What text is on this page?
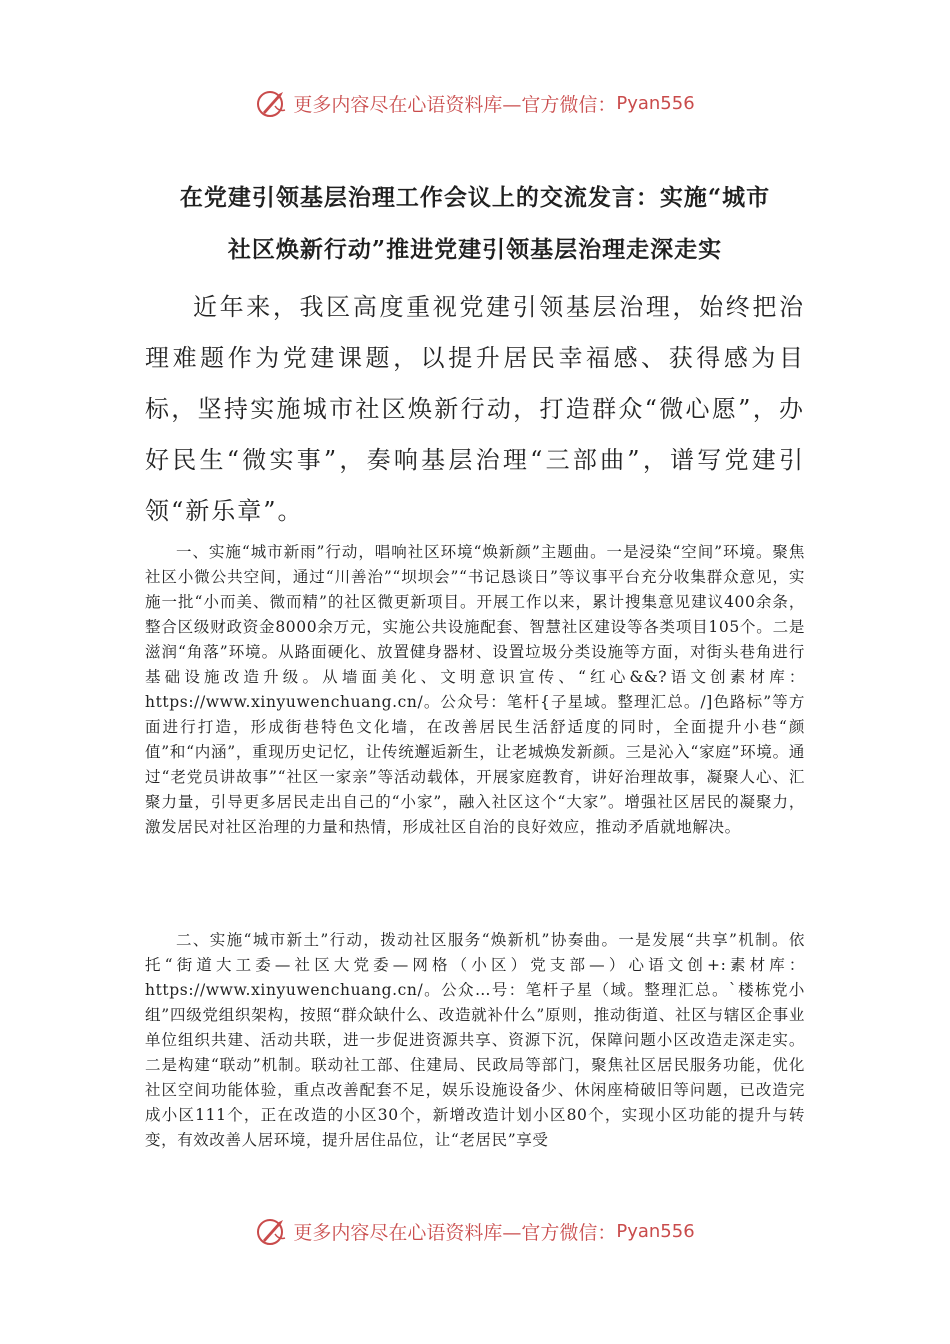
更多内容尽在心语资料库—官方微信： Pyan556
在党建引领基层治理工作会议上的交流发言：实施“城市
社区焕新行动”推进党建引领基层治理走深走实

近年来，我区高度重视党建引领基层治理，始终把治理难题作为党建课题，以提升居民幸福感、获得感为目标，坚持实施城市社区焕新行动，打造群众“微心愿”，办好民生“微实事”，奏响基层治理“三部曲”，谱写党建引领“新乐章”。

一、实施“城市新雨”行动，唱响社区环境“焕新颜”主题曲。一是浸染“空间”环境。聚焦社区小微公共空间，通过“川善治”“坝坝会”“书记恳谈日”等议事平台充分收集群众意见，实施一批“小而美、微而精”的社区微更新项目。开展工作以来，累计搜集意见建议400余条，整合区级财政资金8000余万元，实施公共设施配套、智慧社区建设等各类项目105个。二是滋润“角落”环境。从路面硬化、放置健身器材、设置垃圾分类设施等方面，对街头巷角进行基础设施改造升级。从墙面美化、文明意识宣传、“红心&&?语文创素材库：https://www.xinyuwenchuang.cn/。公众号：笔杆{子星域。整理汇总。/]色路标”等方面进行打造，形成街巷特色文化墙，在改善居民生活舒适度的同时，全面提升小巷“颜值”和“内涵”，重现历史记忆，让传统邂逅新生，让老城焕发新颜。三是沁入“家庭”环境。通过“老党员讲故事”“社区一家亲”等活动载体，开展家庭教育，讲好治理故事，凝聚人心、汇聚力量，引导更多居民走出自己的“小家”，融入社区这个“大家”。增强社区居民的凝聚力，激发居民对社区治理的力量和热情，形成社区自治的良好效应，推动矛盾就地解决。

二、实施“城市新土”行动，拨动社区服务“焕新机”协奏曲。一是发展“共享”机制。依托“街道大工委—社区大党委—网格（小区）党支部—）心语文创+:素材库：https://www.xinyuwenchuang.cn/。公众…号：笔杆子星（域。整理汇总。`楼栋党小组”四级党组织架构，按照“群众缺什么、改造就补什么”原则，推动街道、社区与辖区企事业单位组织共建、活动共联，进一步促进资源共享、资源下沉，保障问题小区改造走深走实。二是构建“联动”机制。联动社工部、住建局、民政局等部门，聚焦社区居民服务功能，优化社区空间功能体验，重点改善配套不足，娱乐设施设备少、休闲座椅破旧等问题，已改造完成小区111个，正在改造的小区30个，新增改造计划小区80个，实现小区功能的提升与转变，有效改善人居环境，提升居住品位，让“老居民”享受

更多内容尽在心语资料库—官方微信： Pyan556
